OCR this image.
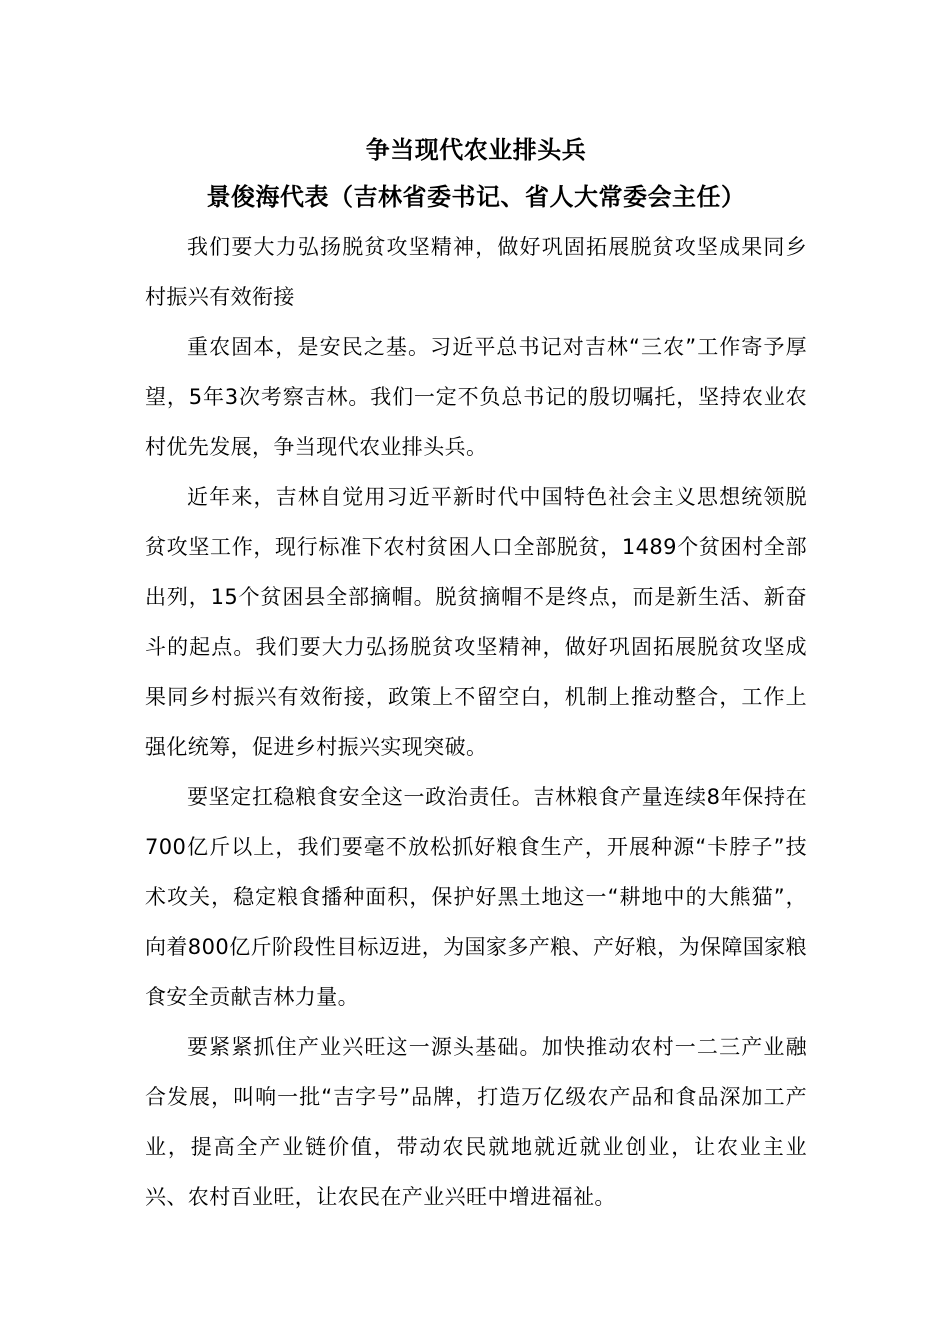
争当现代农业排头兵

景俊海代表（吉林省委书记、省人大常委会主任）

我们要大力弘扬脱贫攻坚精神，做好巩固拓展脱贫攻坚成果同乡村振兴有效衔接

重农固本，是安民之基。习近平总书记对吉林“三农”工作寄予厚望，5年3次考察吉林。我们一定不负总书记的殷切嘱托，坚持农业农村优先发展，争当现代农业排头兵。

近年来，吉林自觉用习近平新时代中国特色社会主义思想统领脱贫攻坚工作，现行标准下农村贫困人口全部脱贫，1489个贫困村全部出列，15个贫困县全部摘帽。脱贫摘帽不是终点，而是新生活、新奋斗的起点。我们要大力弘扬脱贫攻坚精神，做好巩固拓展脱贫攻坚成果同乡村振兴有效衔接，政策上不留空白，机制上推动整合，工作上强化统筹，促进乡村振兴实现突破。

要坚定扛稳粮食安全这一政治责任。吉林粮食产量连续8年保持在700亿斤以上，我们要毫不放松抓好粮食生产，开展种源“卡脖子”技术攻关，稳定粮食播种面积，保护好黑土地这一“耕地中的大熊猫”，向着800亿斤阶段性目标迈进，为国家多产粮、产好粮，为保障国家粮食安全贡献吉林力量。

要紧紧抓住产业兴旺这一源头基础。加快推动农村一二三产业融合发展，叫响一批“吉字号”品牌，打造万亿级农产品和食品深加工产业，提高全产业链价值，带动农民就地就近就业创业，让农业主业兴、农村百业旺，让农民在产业兴旺中增进福祉。
